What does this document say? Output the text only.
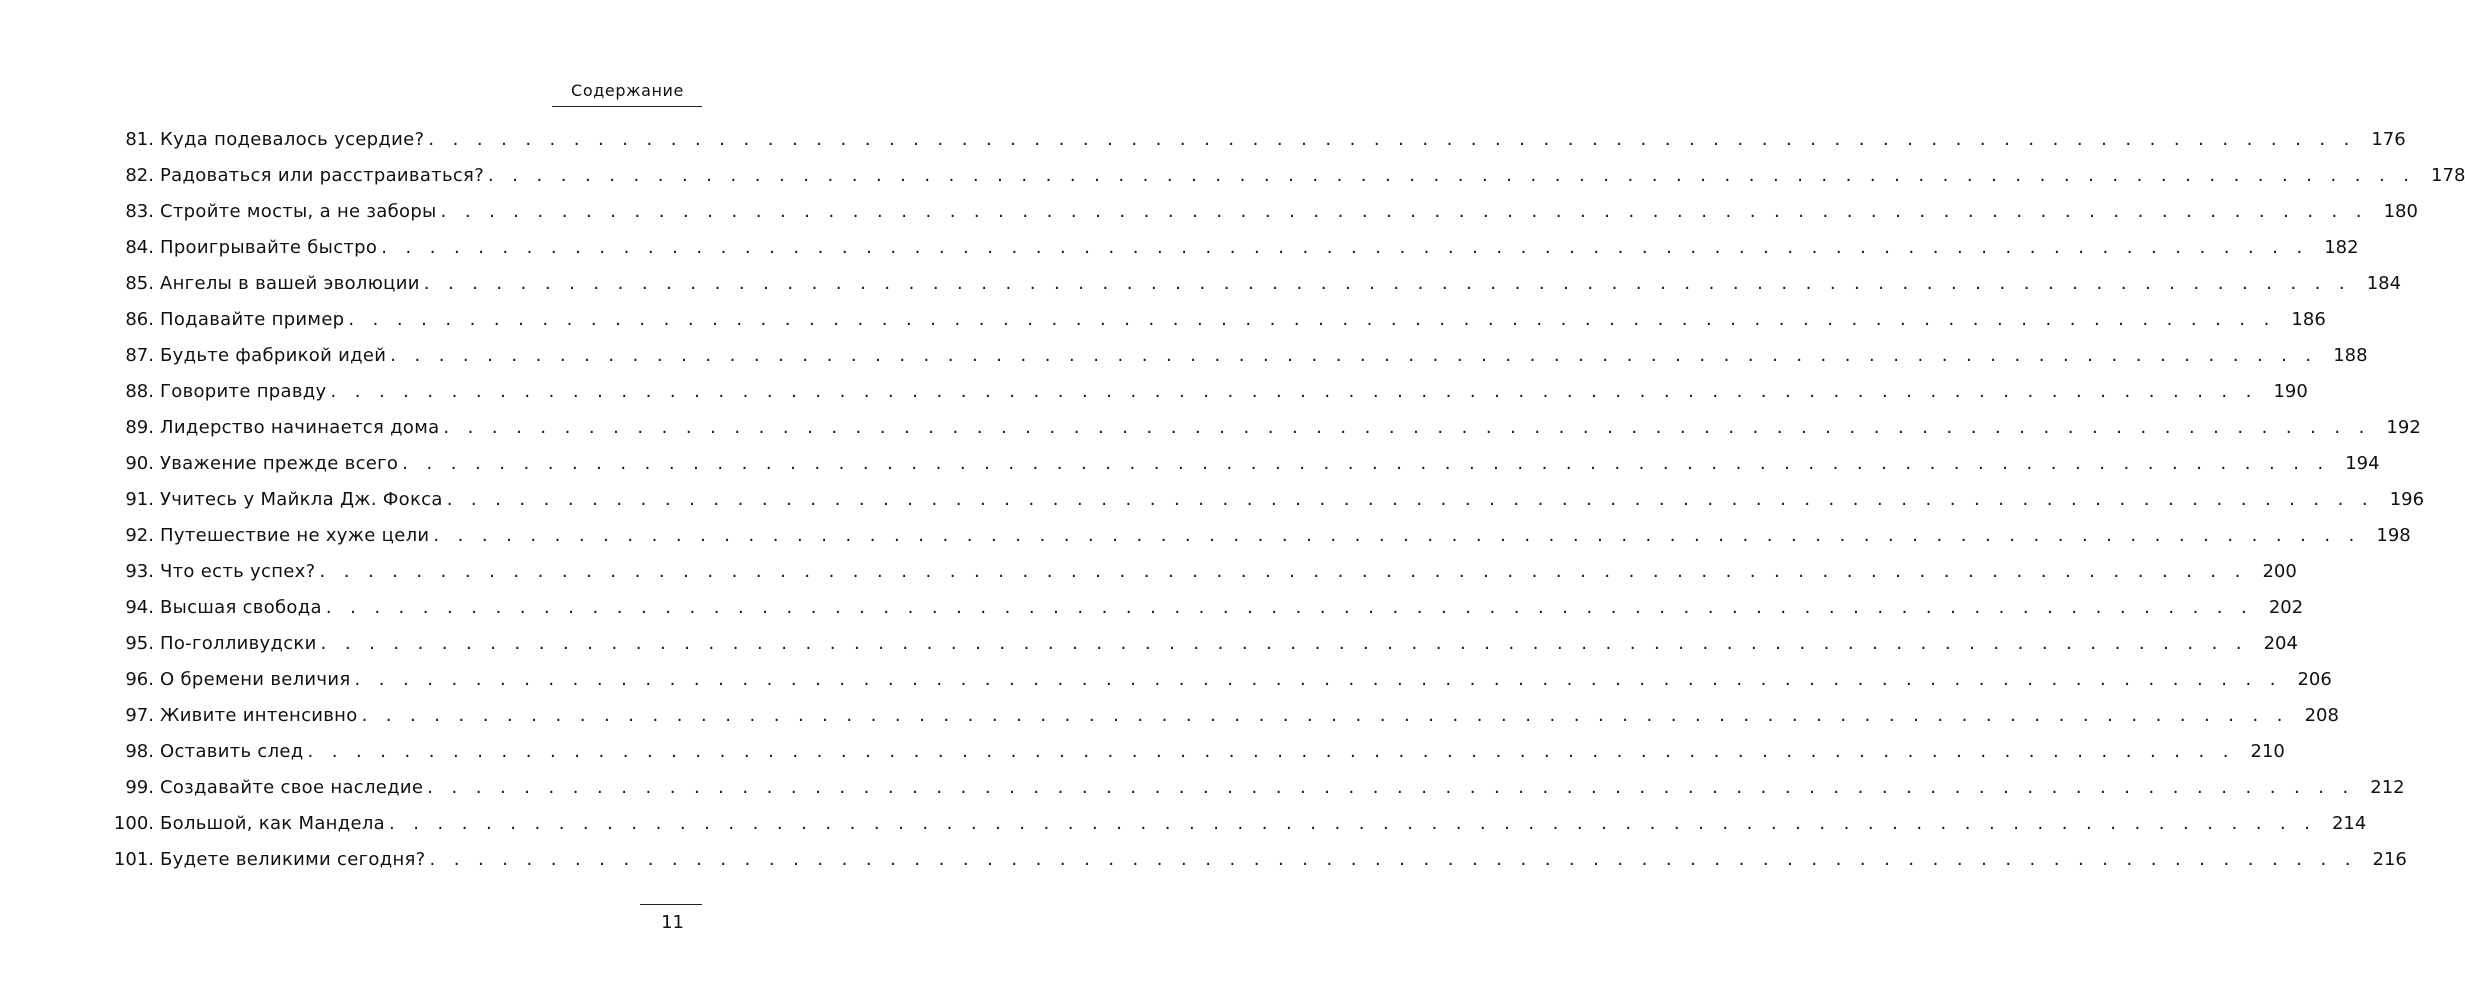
Содержание
81. Куда подевалось усердие? . . . . . . . . . . . . . . . . . . . . . . . . . . . . . . . . . . . . . . . . . . . . . . . . . . . . . . . . . . . . . . . . . . . . . . . . . . . . . . . . 176
82. Радоваться или расстраиваться? . . . . . . . . . . . . . . . . . . . . . . . . . . . . . . . . . . . . . . . . . . . . . . . . . . . . . . . . . . . . . . . . . . . . . . . . . . . . . . . . 178
83. Стройте мосты, а не заборы . . . . . . . . . . . . . . . . . . . . . . . . . . . . . . . . . . . . . . . . . . . . . . . . . . . . . . . . . . . . . . . . . . . . . . . . . . . . . . . . 180
84. Проигрывайте быстро . . . . . . . . . . . . . . . . . . . . . . . . . . . . . . . . . . . . . . . . . . . . . . . . . . . . . . . . . . . . . . . . . . . . . . . . . . . . . . . . 182
85. Ангелы в вашей эволюции . . . . . . . . . . . . . . . . . . . . . . . . . . . . . . . . . . . . . . . . . . . . . . . . . . . . . . . . . . . . . . . . . . . . . . . . . . . . . . . . 184
86. Подавайте пример . . . . . . . . . . . . . . . . . . . . . . . . . . . . . . . . . . . . . . . . . . . . . . . . . . . . . . . . . . . . . . . . . . . . . . . . . . . . . . . . 186
87. Будьте фабрикой идей . . . . . . . . . . . . . . . . . . . . . . . . . . . . . . . . . . . . . . . . . . . . . . . . . . . . . . . . . . . . . . . . . . . . . . . . . . . . . . . . 188
88. Говорите правду . . . . . . . . . . . . . . . . . . . . . . . . . . . . . . . . . . . . . . . . . . . . . . . . . . . . . . . . . . . . . . . . . . . . . . . . . . . . . . . . 190
89. Лидерство начинается дома . . . . . . . . . . . . . . . . . . . . . . . . . . . . . . . . . . . . . . . . . . . . . . . . . . . . . . . . . . . . . . . . . . . . . . . . . . . . . . . . 192
90. Уважение прежде всего . . . . . . . . . . . . . . . . . . . . . . . . . . . . . . . . . . . . . . . . . . . . . . . . . . . . . . . . . . . . . . . . . . . . . . . . . . . . . . . . 194
91. Учитесь у Майкла Дж. Фокса . . . . . . . . . . . . . . . . . . . . . . . . . . . . . . . . . . . . . . . . . . . . . . . . . . . . . . . . . . . . . . . . . . . . . . . . . . . . . . . . 196
92. Путешествие не хуже цели . . . . . . . . . . . . . . . . . . . . . . . . . . . . . . . . . . . . . . . . . . . . . . . . . . . . . . . . . . . . . . . . . . . . . . . . . . . . . . . . 198
93. Что есть успех? . . . . . . . . . . . . . . . . . . . . . . . . . . . . . . . . . . . . . . . . . . . . . . . . . . . . . . . . . . . . . . . . . . . . . . . . . . . . . . . . 200
94. Высшая свобода . . . . . . . . . . . . . . . . . . . . . . . . . . . . . . . . . . . . . . . . . . . . . . . . . . . . . . . . . . . . . . . . . . . . . . . . . . . . . . . . 202
95. По-голливудски . . . . . . . . . . . . . . . . . . . . . . . . . . . . . . . . . . . . . . . . . . . . . . . . . . . . . . . . . . . . . . . . . . . . . . . . . . . . . . . . 204
96. О бремени величия . . . . . . . . . . . . . . . . . . . . . . . . . . . . . . . . . . . . . . . . . . . . . . . . . . . . . . . . . . . . . . . . . . . . . . . . . . . . . . . . 206
97. Живите интенсивно . . . . . . . . . . . . . . . . . . . . . . . . . . . . . . . . . . . . . . . . . . . . . . . . . . . . . . . . . . . . . . . . . . . . . . . . . . . . . . . . 208
98. Оставить след . . . . . . . . . . . . . . . . . . . . . . . . . . . . . . . . . . . . . . . . . . . . . . . . . . . . . . . . . . . . . . . . . . . . . . . . . . . . . . . . 210
99. Создавайте свое наследие . . . . . . . . . . . . . . . . . . . . . . . . . . . . . . . . . . . . . . . . . . . . . . . . . . . . . . . . . . . . . . . . . . . . . . . . . . . . . . . . 212
100. Большой, как Мандела . . . . . . . . . . . . . . . . . . . . . . . . . . . . . . . . . . . . . . . . . . . . . . . . . . . . . . . . . . . . . . . . . . . . . . . . . . . . . . . . 214
101. Будете великими сегодня? . . . . . . . . . . . . . . . . . . . . . . . . . . . . . . . . . . . . . . . . . . . . . . . . . . . . . . . . . . . . . . . . . . . . . . . . . . . . . . . . 216
11
